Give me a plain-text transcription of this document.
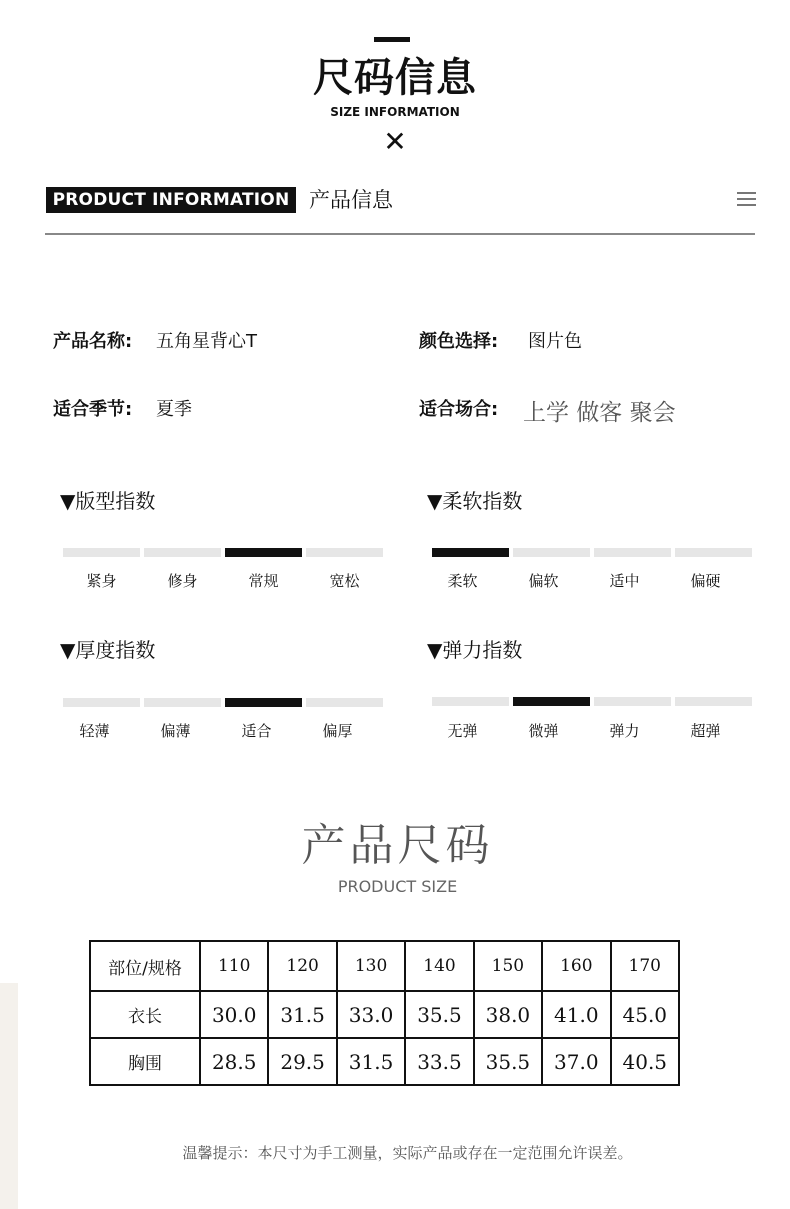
尺码信息
SIZE INFORMATION
✕
PRODUCT INFORMATION 产品信息
产品名称: 五角星背心T	颜色选择: 图片色
适合季节: 夏季	适合场合: 上学 做客 聚会
▼版型指数
紧身	修身	常规	宽松
▼柔软指数
柔软	偏软	适中	偏硬
▼厚度指数
轻薄	偏薄	适合	偏厚
▼弹力指数
无弹	微弹	弹力	超弹
产品尺码
PRODUCT SIZE
部位/规格	110	120	130	140	150	160	170
衣长	30.0	31.5	33.0	35.5	38.0	41.0	45.0
胸围	28.5	29.5	31.5	33.5	35.5	37.0	40.5
温馨提示：本尺寸为手工测量，实际产品或存在一定范围允许误差。
